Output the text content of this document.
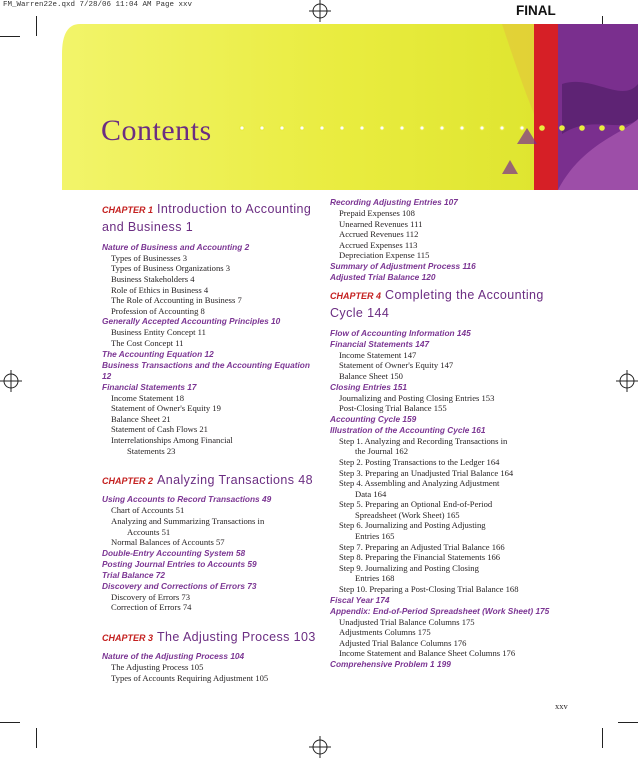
FM_Warren22e.qxd 7/28/06 11:04 AM Page xxv	FINAL
Contents
CHAPTER 1 Introduction to Accounting and Business 1
Nature of Business and Accounting 2
Types of Businesses 3
Types of Business Organizations 3
Business Stakeholders 4
Role of Ethics in Business 4
The Role of Accounting in Business 7
Profession of Accounting 8
Generally Accepted Accounting Principles 10
Business Entity Concept 11
The Cost Concept 11
The Accounting Equation 12
Business Transactions and the Accounting Equation 12
Financial Statements 17
Income Statement 18
Statement of Owner's Equity 19
Balance Sheet 21
Statement of Cash Flows 21
Interrelationships Among Financial
Statements 23
CHAPTER 2 Analyzing Transactions 48
Using Accounts to Record Transactions 49
Chart of Accounts 51
Analyzing and Summarizing Transactions in
Accounts 51
Normal Balances of Accounts 57
Double-Entry Accounting System 58
Posting Journal Entries to Accounts 59
Trial Balance 72
Discovery and Corrections of Errors 73
Discovery of Errors 73
Correction of Errors 74
CHAPTER 3 The Adjusting Process 103
Nature of the Adjusting Process 104
The Adjusting Process 105
Types of Accounts Requiring Adjustment 105
Recording Adjusting Entries 107
Prepaid Expenses 108
Unearned Revenues 111
Accrued Revenues 112
Accrued Expenses 113
Depreciation Expense 115
Summary of Adjustment Process 116
Adjusted Trial Balance 120
CHAPTER 4 Completing the Accounting Cycle 144
Flow of Accounting Information 145
Financial Statements 147
Income Statement 147
Statement of Owner's Equity 147
Balance Sheet 150
Closing Entries 151
Journalizing and Posting Closing Entries 153
Post-Closing Trial Balance 155
Accounting Cycle 159
Illustration of the Accounting Cycle 161
Step 1. Analyzing and Recording Transactions in
the Journal 162
Step 2. Posting Transactions to the Ledger 164
Step 3. Preparing an Unadjusted Trial Balance 164
Step 4. Assembling and Analyzing Adjustment
Data 164
Step 5. Preparing an Optional End-of-Period
Spreadsheet (Work Sheet) 165
Step 6. Journalizing and Posting Adjusting
Entries 165
Step 7. Preparing an Adjusted Trial Balance 166
Step 8. Preparing the Financial Statements 166
Step 9. Journalizing and Posting Closing
Entries 168
Step 10. Preparing a Post-Closing Trial Balance 168
Fiscal Year 174
Appendix: End-of-Period Spreadsheet (Work Sheet) 175
Unadjusted Trial Balance Columns 175
Adjustments Columns 175
Adjusted Trial Balance Columns 176
Income Statement and Balance Sheet Columns 176
Comprehensive Problem 1 199
xxv
